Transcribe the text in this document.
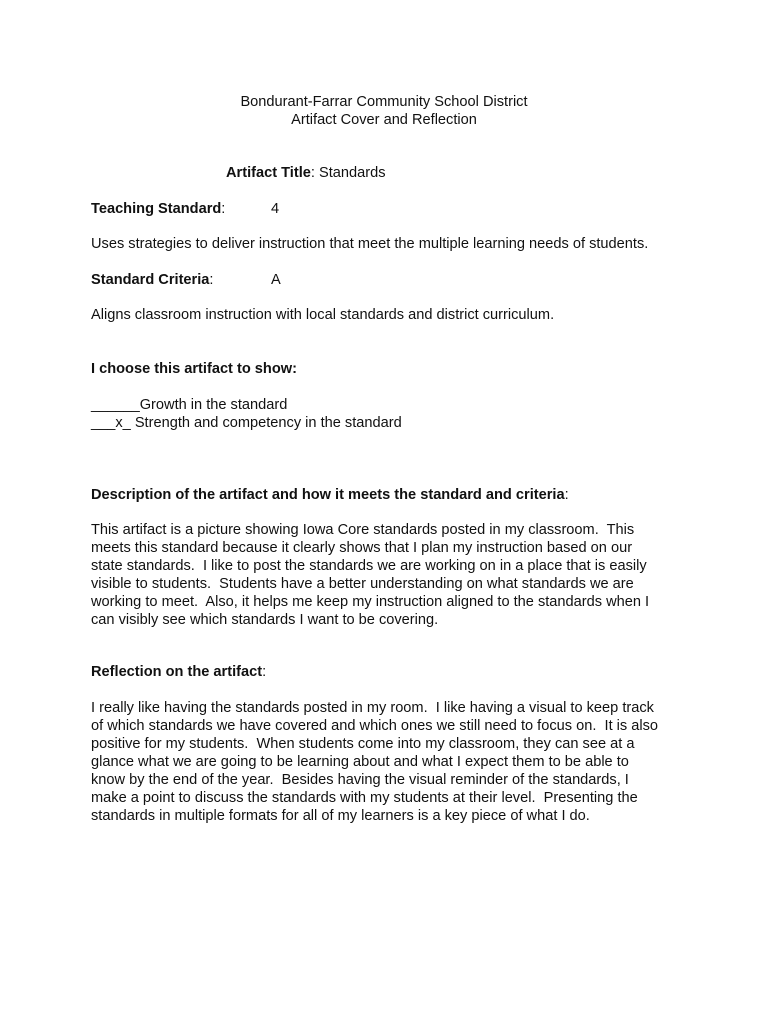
Bondurant-Farrar Community School District
Artifact Cover and Reflection
Artifact Title: Standards
Teaching Standard:	4
Uses strategies to deliver instruction that meet the multiple learning needs of students.
Standard Criteria:	A
Aligns classroom instruction with local standards and district curriculum.
I choose this artifact to show:
______Growth in the standard
___x_ Strength and competency in the standard
Description of the artifact and how it meets the standard and criteria:
This artifact is a picture showing Iowa Core standards posted in my classroom.  This
meets this standard because it clearly shows that I plan my instruction based on our
state standards.  I like to post the standards we are working on in a place that is easily
visible to students.  Students have a better understanding on what standards we are
working to meet.  Also, it helps me keep my instruction aligned to the standards when I
can visibly see which standards I want to be covering.
Reflection on the artifact:
I really like having the standards posted in my room.  I like having a visual to keep track
of which standards we have covered and which ones we still need to focus on.  It is also
positive for my students.  When students come into my classroom, they can see at a
glance what we are going to be learning about and what I expect them to be able to
know by the end of the year.  Besides having the visual reminder of the standards, I
make a point to discuss the standards with my students at their level.  Presenting the
standards in multiple formats for all of my learners is a key piece of what I do.
